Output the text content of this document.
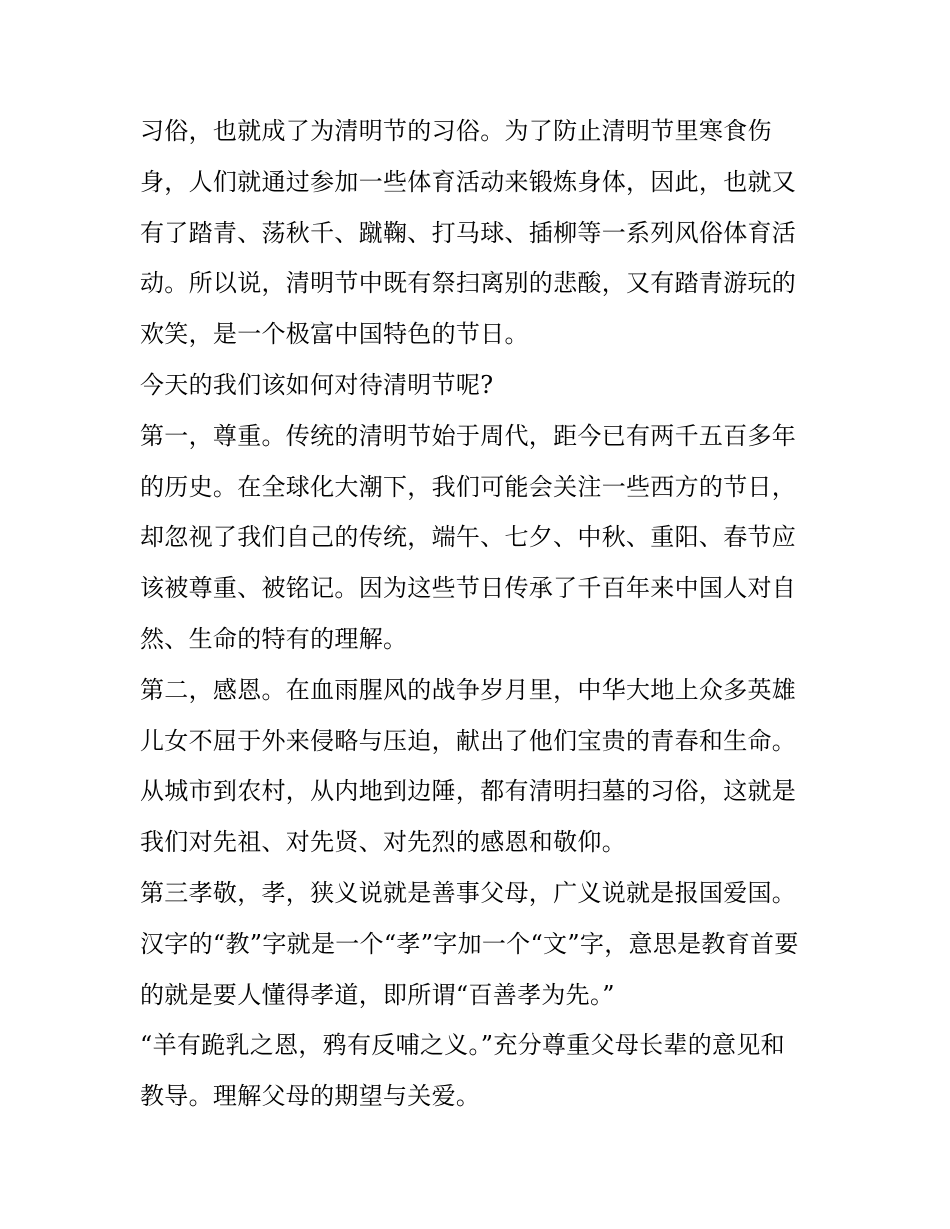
习俗，也就成了为清明节的习俗。为了防止清明节里寒食伤
身，人们就通过参加一些体育活动来锻炼身体，因此，也就又
有了踏青、荡秋千、蹴鞠、打马球、插柳等一系列风俗体育活
动。所以说，清明节中既有祭扫离别的悲酸，又有踏青游玩的
欢笑，是一个极富中国特色的节日。
今天的我们该如何对待清明节呢?
第一，尊重。传统的清明节始于周代，距今已有两千五百多年
的历史。在全球化大潮下，我们可能会关注一些西方的节日，
却忽视了我们自己的传统，端午、七夕、中秋、重阳、春节应
该被尊重、被铭记。因为这些节日传承了千百年来中国人对自
然、生命的特有的理解。
第二，感恩。在血雨腥风的战争岁月里，中华大地上众多英雄
儿女不屈于外来侵略与压迫，献出了他们宝贵的青春和生命。
从城市到农村，从内地到边陲，都有清明扫墓的习俗，这就是
我们对先祖、对先贤、对先烈的感恩和敬仰。
第三孝敬，孝，狭义说就是善事父母，广义说就是报国爱国。
汉字的“教”字就是一个“孝”字加一个“文”字，意思是教育首要
的就是要人懂得孝道，即所谓“百善孝为先。”
“羊有跪乳之恩，鸦有反哺之义。”充分尊重父母长辈的意见和
教导。理解父母的期望与关爱。
